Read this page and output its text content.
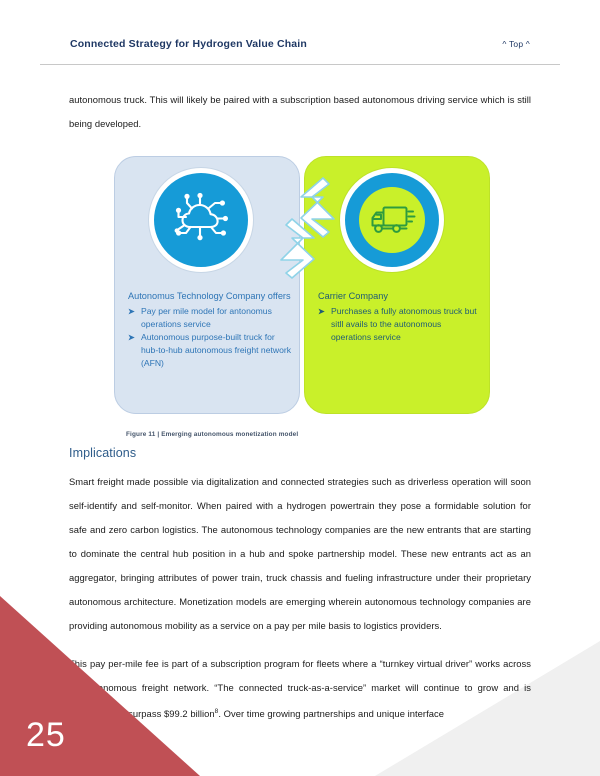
Connected Strategy for Hydrogen Value Chain	^ Top ^

autonomous truck. This will likely be paired with a subscription based autonomous driving service which is still being developed.

Autonomus Technology Company offers
➤ Pay per mile model for antonomus operations service
➤ Autonomous purpose-built truck for hub-to-hub autonomous freight network (AFN)
Carrier Company
➤ Purchases a fully atonomous truck but sitll avails to the autonomous operations service
Figure 11 | Emerging autonomous monetization model
Implications

Smart freight made possible via digitalization and connected strategies such as driverless operation will soon self-identify and self-monitor. When paired with a hydrogen powertrain they pose a formidable solution for safe and zero carbon logistics. The autonomous technology companies are the new entrants that are starting to dominate the central hub position in a hub and spoke partnership model. These new entrants act as an aggregator, bringing attributes of power train, truck chassis and fueling infrastructure under their proprietary autonomous architecture. Monetization models are emerging wherein autonomous technology companies are providing autonomous mobility as a service on a pay per mile basis to logistics providers.

This pay per-mile fee is part of a subscription program for fleets where a “turnkey virtual driver” works across an autonomous freight network. “The connected truck-as-a-service” market will continue to grow and is anticipated to surpass $99.2 billion$^8$. Over time growing partnerships and unique interface

25
